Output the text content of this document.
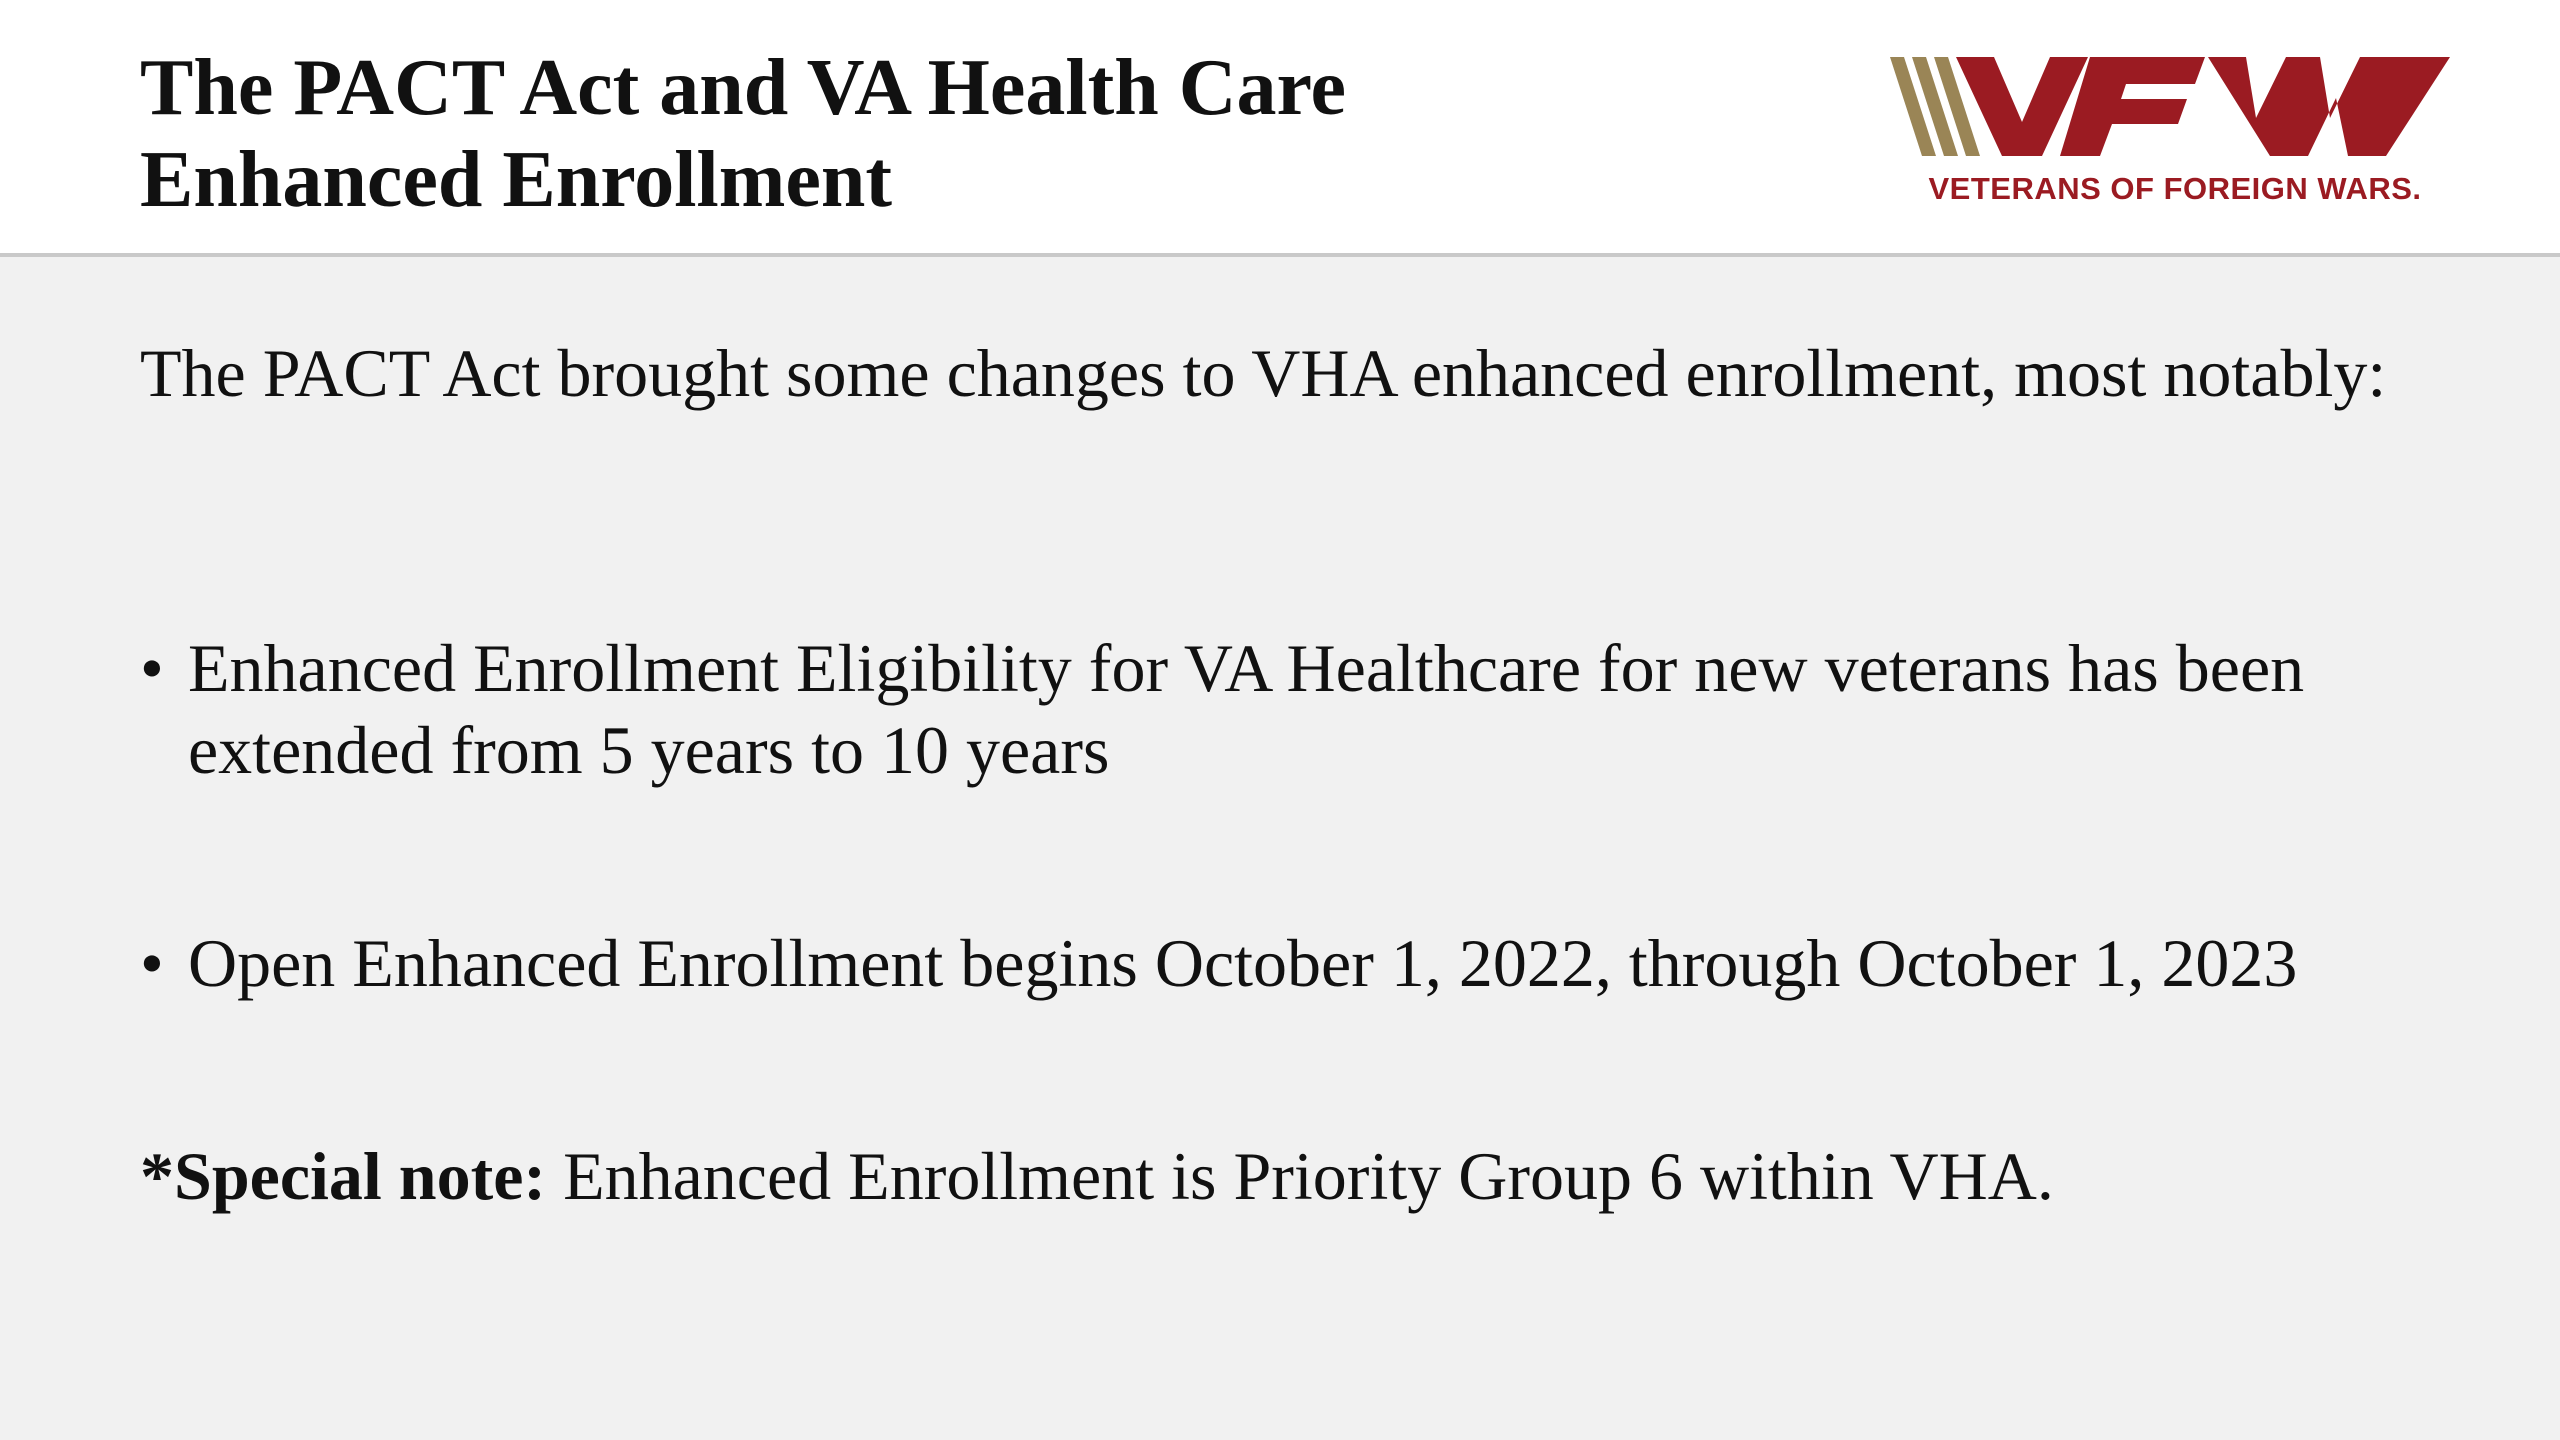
The PACT Act and VA Health Care
Enhanced Enrollment	VETERANS OF FOREIGN WARS.

The PACT Act brought some changes to VHA enhanced enrollment, most notably:

• Enhanced Enrollment Eligibility for VA Healthcare for new veterans has been extended from 5 years to 10 years
• Open Enhanced Enrollment begins October 1, 2022, through October 1, 2023

*Special note: Enhanced Enrollment is Priority Group 6 within VHA.
